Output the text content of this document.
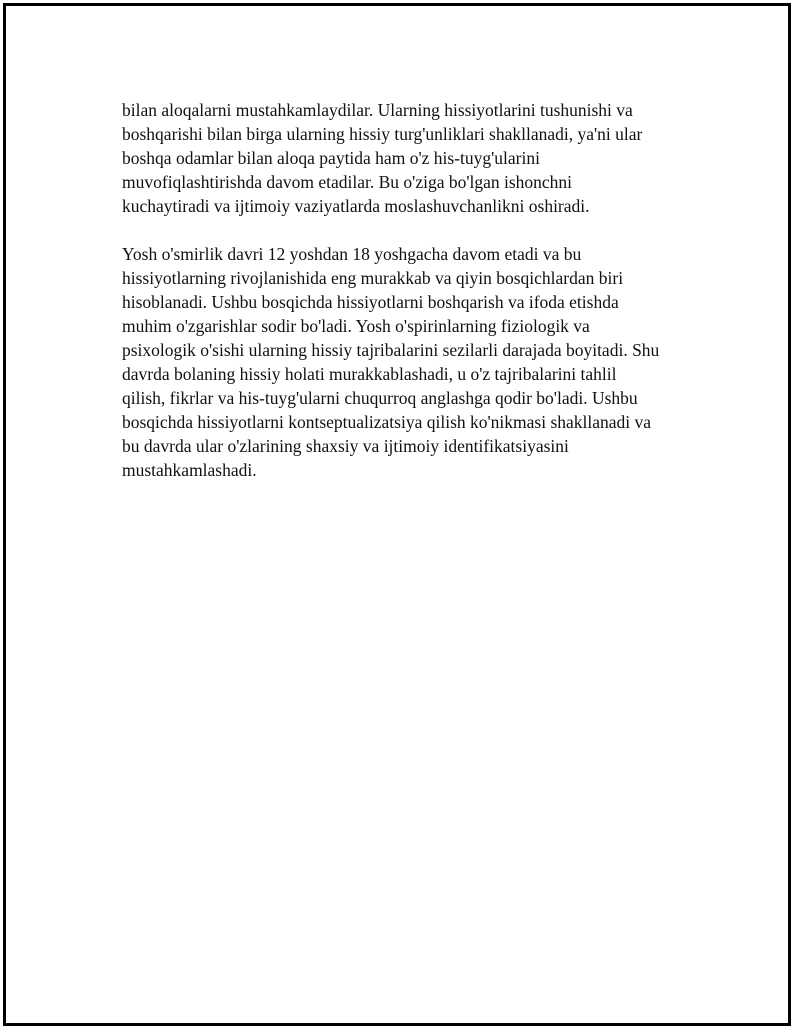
bilan aloqalarni mustahkamlaydilar. Ularning hissiyotlarini tushunishi va
boshqarishi bilan birga ularning hissiy turg'unliklari shakllanadi, ya'ni ular
boshqa odamlar bilan aloqa paytida ham o'z his-tuyg'ularini
muvofiqlashtirishda davom etadilar. Bu o'ziga bo'lgan ishonchni
kuchaytiradi va ijtimoiy vaziyatlarda moslashuvchanlikni oshiradi.

Yosh o'smirlik davri 12 yoshdan 18 yoshgacha davom etadi va bu
hissiyotlarning rivojlanishida eng murakkab va qiyin bosqichlardan biri
hisoblanadi. Ushbu bosqichda hissiyotlarni boshqarish va ifoda etishda
muhim o'zgarishlar sodir bo'ladi. Yosh o'spirinlarning fiziologik va
psixologik o'sishi ularning hissiy tajribalarini sezilarli darajada boyitadi. Shu
davrda bolaning hissiy holati murakkablashadi, u o'z tajribalarini tahlil
qilish, fikrlar va his-tuyg'ularni chuqurroq anglashga qodir bo'ladi. Ushbu
bosqichda hissiyotlarni kontseptualizatsiya qilish ko'nikmasi shakllanadi va
bu davrda ular o'zlarining shaxsiy va ijtimoiy identifikatsiyasini
mustahkamlashadi.
